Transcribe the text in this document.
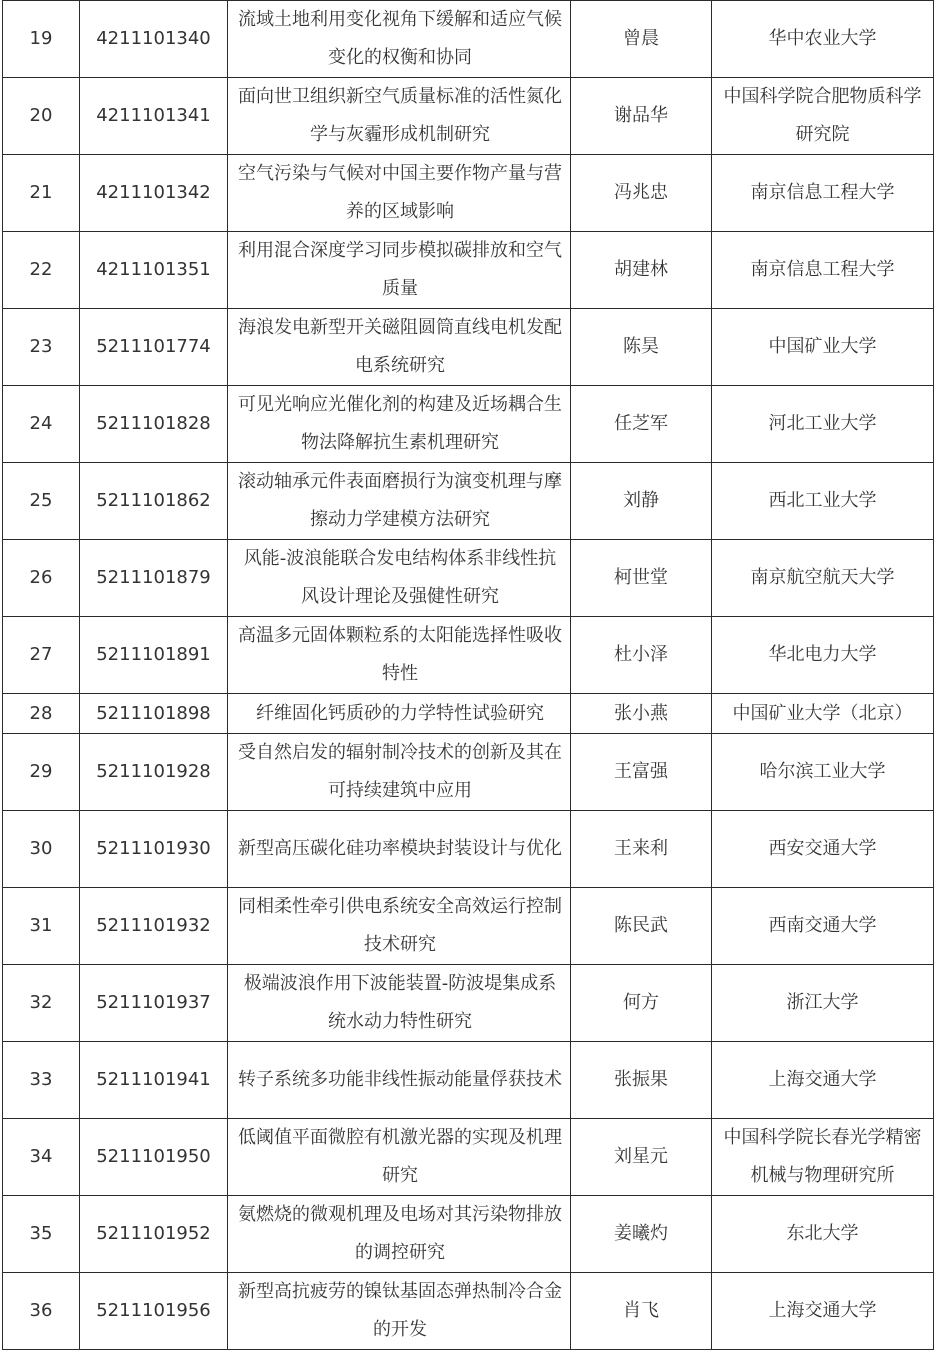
19	4211101340	流域土地利用变化视角下缓解和适应气候变化的权衡和协同	曾晨	华中农业大学
20	4211101341	面向世卫组织新空气质量标准的活性氮化学与灰霾形成机制研究	谢品华	中国科学院合肥物质科学研究院
21	4211101342	空气污染与气候对中国主要作物产量与营养的区域影响	冯兆忠	南京信息工程大学
22	4211101351	利用混合深度学习同步模拟碳排放和空气质量	胡建林	南京信息工程大学
23	5211101774	海浪发电新型开关磁阻圆筒直线电机发配电系统研究	陈昊	中国矿业大学
24	5211101828	可见光响应光催化剂的构建及近场耦合生物法降解抗生素机理研究	任芝军	河北工业大学
25	5211101862	滚动轴承元件表面磨损行为演变机理与摩擦动力学建模方法研究	刘静	西北工业大学
26	5211101879	风能-波浪能联合发电结构体系非线性抗风设计理论及强健性研究	柯世堂	南京航空航天大学
27	5211101891	高温多元固体颗粒系的太阳能选择性吸收特性	杜小泽	华北电力大学
28	5211101898	纤维固化钙质砂的力学特性试验研究	张小燕	中国矿业大学（北京）
29	5211101928	受自然启发的辐射制冷技术的创新及其在可持续建筑中应用	王富强	哈尔滨工业大学
30	5211101930	新型高压碳化硅功率模块封装设计与优化	王来利	西安交通大学
31	5211101932	同相柔性牵引供电系统安全高效运行控制技术研究	陈民武	西南交通大学
32	5211101937	极端波浪作用下波能装置-防波堤集成系统水动力特性研究	何方	浙江大学
33	5211101941	转子系统多功能非线性振动能量俘获技术	张振果	上海交通大学
34	5211101950	低阈值平面微腔有机激光器的实现及机理研究	刘星元	中国科学院长春光学精密机械与物理研究所
35	5211101952	氨燃烧的微观机理及电场对其污染物排放的调控研究	姜曦灼	东北大学
36	5211101956	新型高抗疲劳的镍钛基固态弹热制冷合金的开发	肖飞	上海交通大学
